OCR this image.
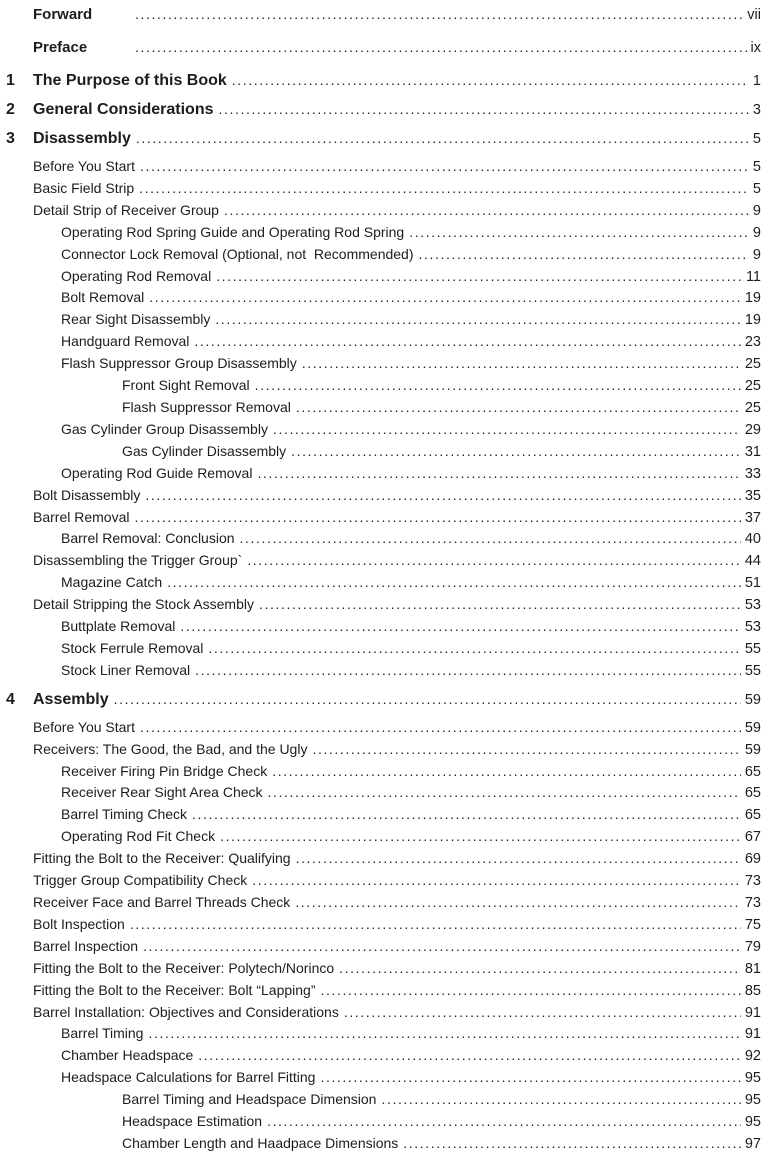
Forward .....	vii
Preface .....	ix
1	The Purpose of this Book .....	1
2	General Considerations .....	3
3	Disassembly .....	5
Before You Start .....	5
Basic Field Strip .....	5
Detail Strip of Receiver Group .....	9
Operating Rod Spring Guide and Operating Rod Spring .....	9
Connector Lock Removal (Optional, not  Recommended) .....	9
Operating Rod Removal .....	11
Bolt Removal .....	19
Rear Sight Disassembly .....	19
Handguard Removal .....	23
Flash Suppressor Group Disassembly .....	25
Front Sight Removal .....	25
Flash Suppressor Removal .....	25
Gas Cylinder Group Disassembly .....	29
Gas Cylinder Disassembly .....	31
Operating Rod Guide Removal .....	33
Bolt Disassembly .....	35
Barrel Removal .....	37
Barrel Removal: Conclusion .....	40
Disassembling the Trigger Group` .....	44
Magazine Catch .....	51
Detail Stripping the Stock Assembly .....	53
Buttplate Removal .....	53
Stock Ferrule Removal .....	55
Stock Liner Removal .....	55
4	Assembly .....	59
Before You Start .....	59
Receivers: The Good, the Bad, and the Ugly .....	59
Receiver Firing Pin Bridge Check .....	65
Receiver Rear Sight Area Check .....	65
Barrel Timing Check .....	65
Operating Rod Fit Check .....	67
Fitting the Bolt to the Receiver: Qualifying .....	69
Trigger Group Compatibility Check .....	73
Receiver Face and Barrel Threads Check .....	73
Bolt Inspection .....	75
Barrel Inspection .....	79
Fitting the Bolt to the Receiver: Polytech/Norinco .....	81
Fitting the Bolt to the Receiver: Bolt “Lapping” .....	85
Barrel Installation: Objectives and Considerations .....	91
Barrel Timing .....	91
Chamber Headspace .....	92
Headspace Calculations for Barrel Fitting .....	95
Barrel Timing and Headspace Dimension .....	95
Headspace Estimation .....	95
Chamber Length and Haadpace Dimensions .....	97
